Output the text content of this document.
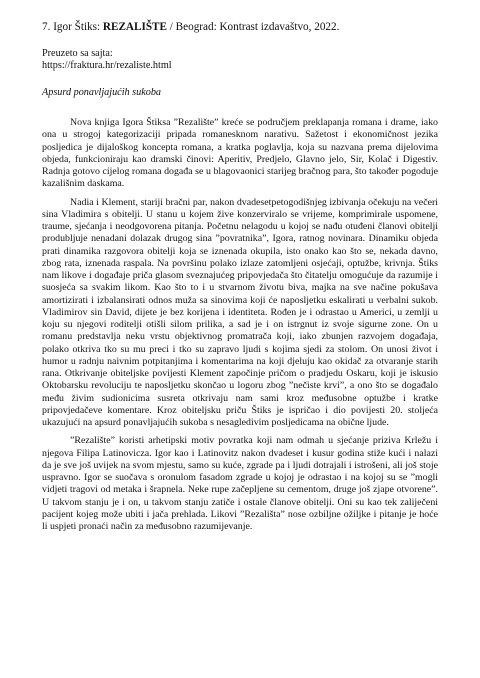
7. Igor Štiks: REZALIŠTE / Beograd: Kontrast izdavaštvo, 2022.
Preuzeto sa sajta:
https://fraktura.hr/rezaliste.html
Apsurd ponavljajućih sukoba

Nova knjiga Igora Štiksa ”Rezalište” kreće se područjem preklapanja romana i drame, iako ona u strogoj kategorizaciji pripada romanesknom narativu. Sažetost i ekonomičnost jezika posljedica je dijaloškog koncepta romana, a kratka poglavlja, koja su nazvana prema dijelovima objeda, funkcioniraju kao dramski činovi: Aperitiv, Predjelo, Glavno jelo, Sir, Kolač i Digestiv. Radnja gotovo cijelog romana događa se u blagovaonici starijeg bračnog para, što također pogoduje kazališnim daskama.

Nadia i Klement, stariji bračni par, nakon dvadesetpetogodišnjeg izbivanja očekuju na večeri sina Vladimira s obitelji. U stanu u kojem žive konzerviralo se vrijeme, komprimirale uspomene, traume, sjećanja i neodgovorena pitanja. Početnu nelagodu u kojoj se nađu otuđeni članovi obitelji produbljuje nenadani dolazak drugog sina ”povratnika”, Igora, ratnog novinara. Dinamiku objeda prati dinamika razgovora obitelji koja se iznenada okupila, isto onako kao što se, nekada davno, zbog rata, iznenada raspala. Na površinu polako izlaze zatomljeni osjećaji, optužbe, krivnja. Štiks nam likove i događaje priča glasom sveznajućeg pripovjedača što čitatelju omogućuje da razumije i suosjeća sa svakim likom. Kao što to i u stvarnom životu biva, majka na sve načine pokušava amortizirati i izbalansirati odnos muža sa sinovima koji će naposljetku eskalirati u verbalni sukob. Vladimirov sin David, dijete je bez korijena i identiteta. Rođen je i odrastao u Americi, u zemlji u koju su njegovi roditelji otišli silom prilika, a sad je i on istrgnut iz svoje sigurne zone. On u romanu predstavlja neku vrstu objektivnog promatrača koji, iako zbunjen razvojem događaja, polako otkriva tko su mu preci i tko su zapravo ljudi s kojima sjedi za stolom. On unosi život i humor u radnju naivnim potpitanjima i komentarima na koji djeluju kao okidač za otvaranje starih rana. Otkrivanje obiteljske povijesti Klement započinje pričom o pradjedu Oskaru, koji je iskusio Oktobarsku revoluciju te naposljetku skončao u logoru zbog ”nečiste krvi”, a ono što se događalo među živim sudionicima susreta otkrivaju nam sami kroz međusobne optužbe i kratke pripovjedačeve komentare. Kroz obiteljsku priču Štiks je ispričao i dio povijesti 20. stoljeća ukazujući na apsurd ponavljajućih sukoba s nesagledivim posljedicama na obične ljude.

”Rezalište” koristi arhetipski motiv povratka koji nam odmah u sjećanje priziva Krležu i njegova Filipa Latinovicza. Igor kao i Latinovitz nakon dvadeset i kusur godina stiže kući i nalazi da je sve još uvijek na svom mjestu, samo su kuće, zgrade pa i ljudi dotrajali i istrošeni, ali još stoje uspravno. Igor se suočava s oronulom fasadom zgrade u kojoj je odrastao i na kojoj su se ”mogli vidjeti tragovi od metaka i šrapnela. Neke rupe začepljene su cementom, druge još zjape otvorene”. U takvom stanju je i on, u takvom stanju zatiče i ostale članove obitelji. Oni su kao tek zaliječeni pacijent kojeg može ubiti i jača prehlada. Likovi ”Rezališta” nose ozbiljne ožiljke i pitanje je hoće li uspjeti pronaći način za međusobno razumijevanje.
